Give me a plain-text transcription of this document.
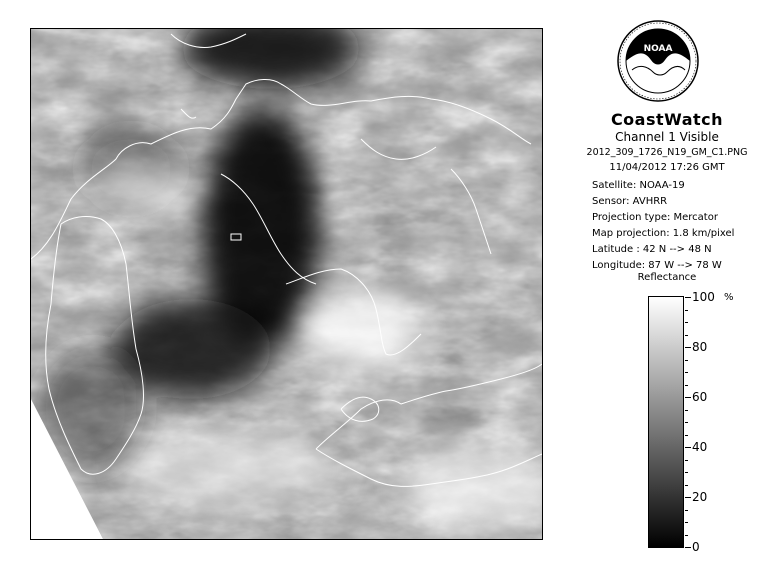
NOAA
CoastWatch
Channel 1 Visible
2012_309_1726_N19_GM_C1.PNG
11/04/2012 17:26 GMT
Satellite: NOAA-19
Sensor: AVHRR
Projection type: Mercator
Map projection: 1.8 km/pixel
Latitude : 42 N --> 48 N
Longitude: 87 W --> 78 W
Reflectance
%
0
20
40
60
80
100
